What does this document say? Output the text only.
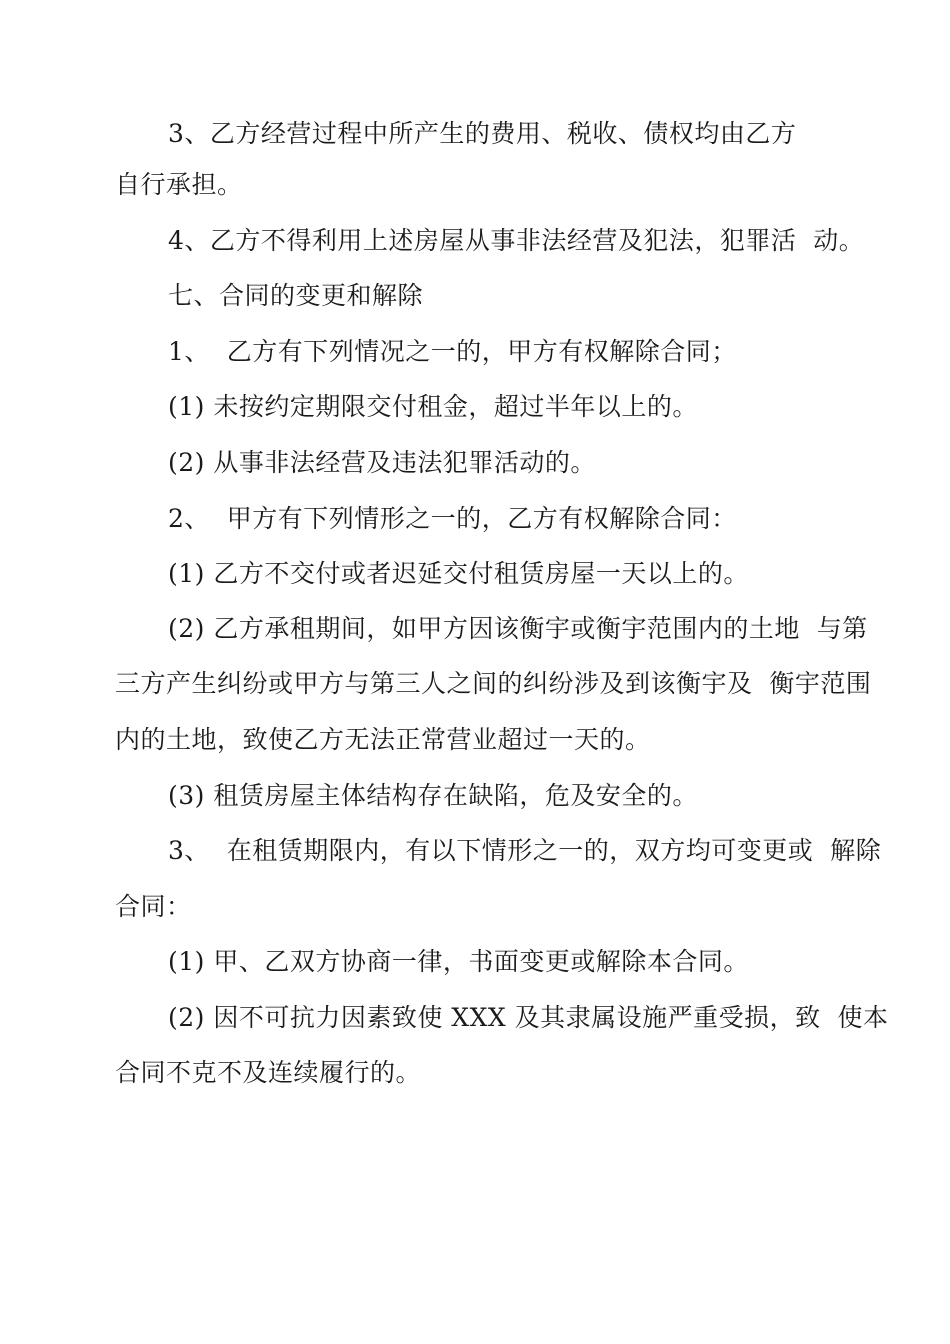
3、乙方经营过程中所产生的费用、税收、债权均由乙方
自行承担。
4、乙方不得利用上述房屋从事非法经营及犯法，犯罪活  动。
七、合同的变更和解除
1、  乙方有下列情况之一的，甲方有权解除合同；
(1) 未按约定期限交付租金，超过半年以上的。
(2) 从事非法经营及违法犯罪活动的。
2、  甲方有下列情形之一的，乙方有权解除合同：
(1) 乙方不交付或者迟延交付租赁房屋一天以上的。
(2) 乙方承租期间，如甲方因该衡宇或衡宇范围内的土地  与第
三方产生纠纷或甲方与第三人之间的纠纷涉及到该衡宇及  衡宇范围
内的土地，致使乙方无法正常营业超过一天的。
(3) 租赁房屋主体结构存在缺陷，危及安全的。
3、  在租赁期限内，有以下情形之一的，双方均可变更或  解除
合同：
(1) 甲、乙双方协商一律，书面变更或解除本合同。
(2) 因不可抗力因素致使 XXX 及其隶属设施严重受损，致  使本
合同不克不及连续履行的。
